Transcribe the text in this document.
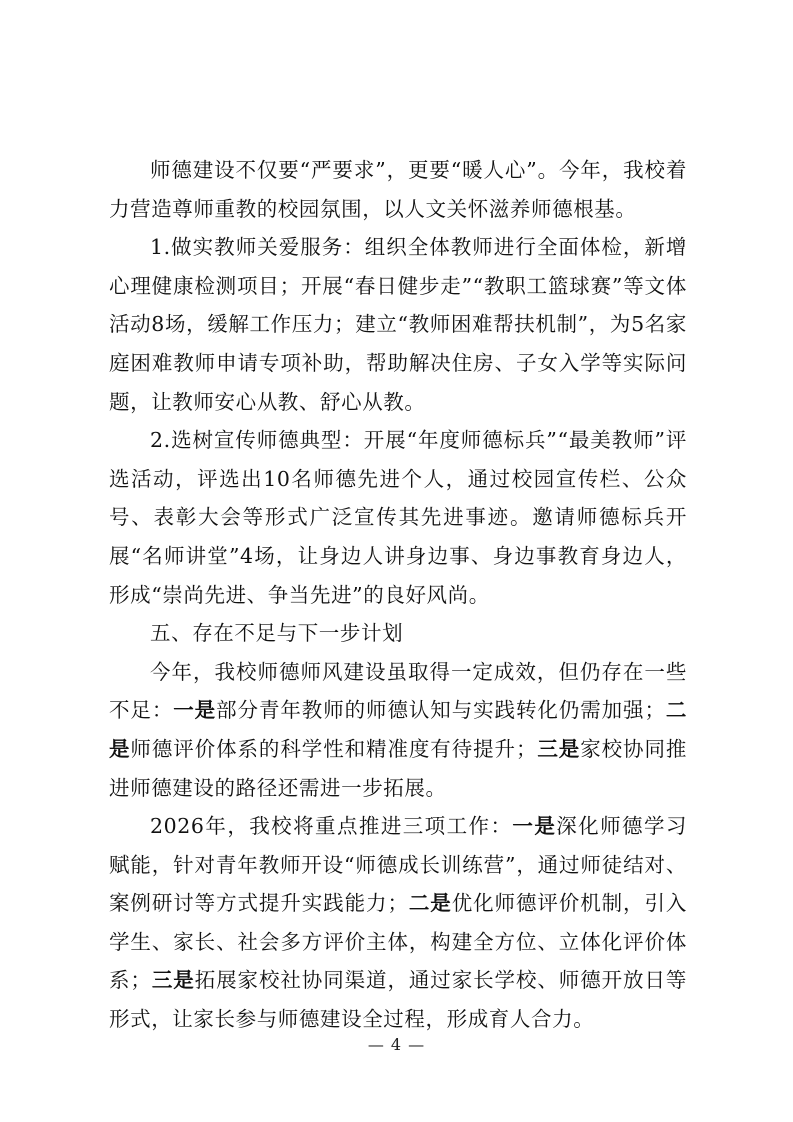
师德建设不仅要“严要求”，更要“暖人心”。今年，我校着力营造尊师重教的校园氛围，以人文关怀滋养师德根基。

1.做实教师关爱服务：组织全体教师进行全面体检，新增心理健康检测项目；开展“春日健步走”“教职工篮球赛”等文体活动8场，缓解工作压力；建立“教师困难帮扶机制”，为5名家庭困难教师申请专项补助，帮助解决住房、子女入学等实际问题，让教师安心从教、舒心从教。

2.选树宣传师德典型：开展“年度师德标兵”“最美教师”评选活动，评选出10名师德先进个人，通过校园宣传栏、公众号、表彰大会等形式广泛宣传其先进事迹。邀请师德标兵开展“名师讲堂”4场，让身边人讲身边事、身边事教育身边人，形成“崇尚先进、争当先进”的良好风尚。

五、存在不足与下一步计划

今年，我校师德师风建设虽取得一定成效，但仍存在一些不足：一是部分青年教师的师德认知与实践转化仍需加强；二是师德评价体系的科学性和精准度有待提升；三是家校协同推进师德建设的路径还需进一步拓展。

2026年，我校将重点推进三项工作：一是深化师德学习赋能，针对青年教师开设“师德成长训练营”，通过师徒结对、案例研讨等方式提升实践能力；二是优化师德评价机制，引入学生、家长、社会多方评价主体，构建全方位、立体化评价体系；三是拓展家校社协同渠道，通过家长学校、师德开放日等形式，让家长参与师德建设全过程，形成育人合力。

— 4 —
